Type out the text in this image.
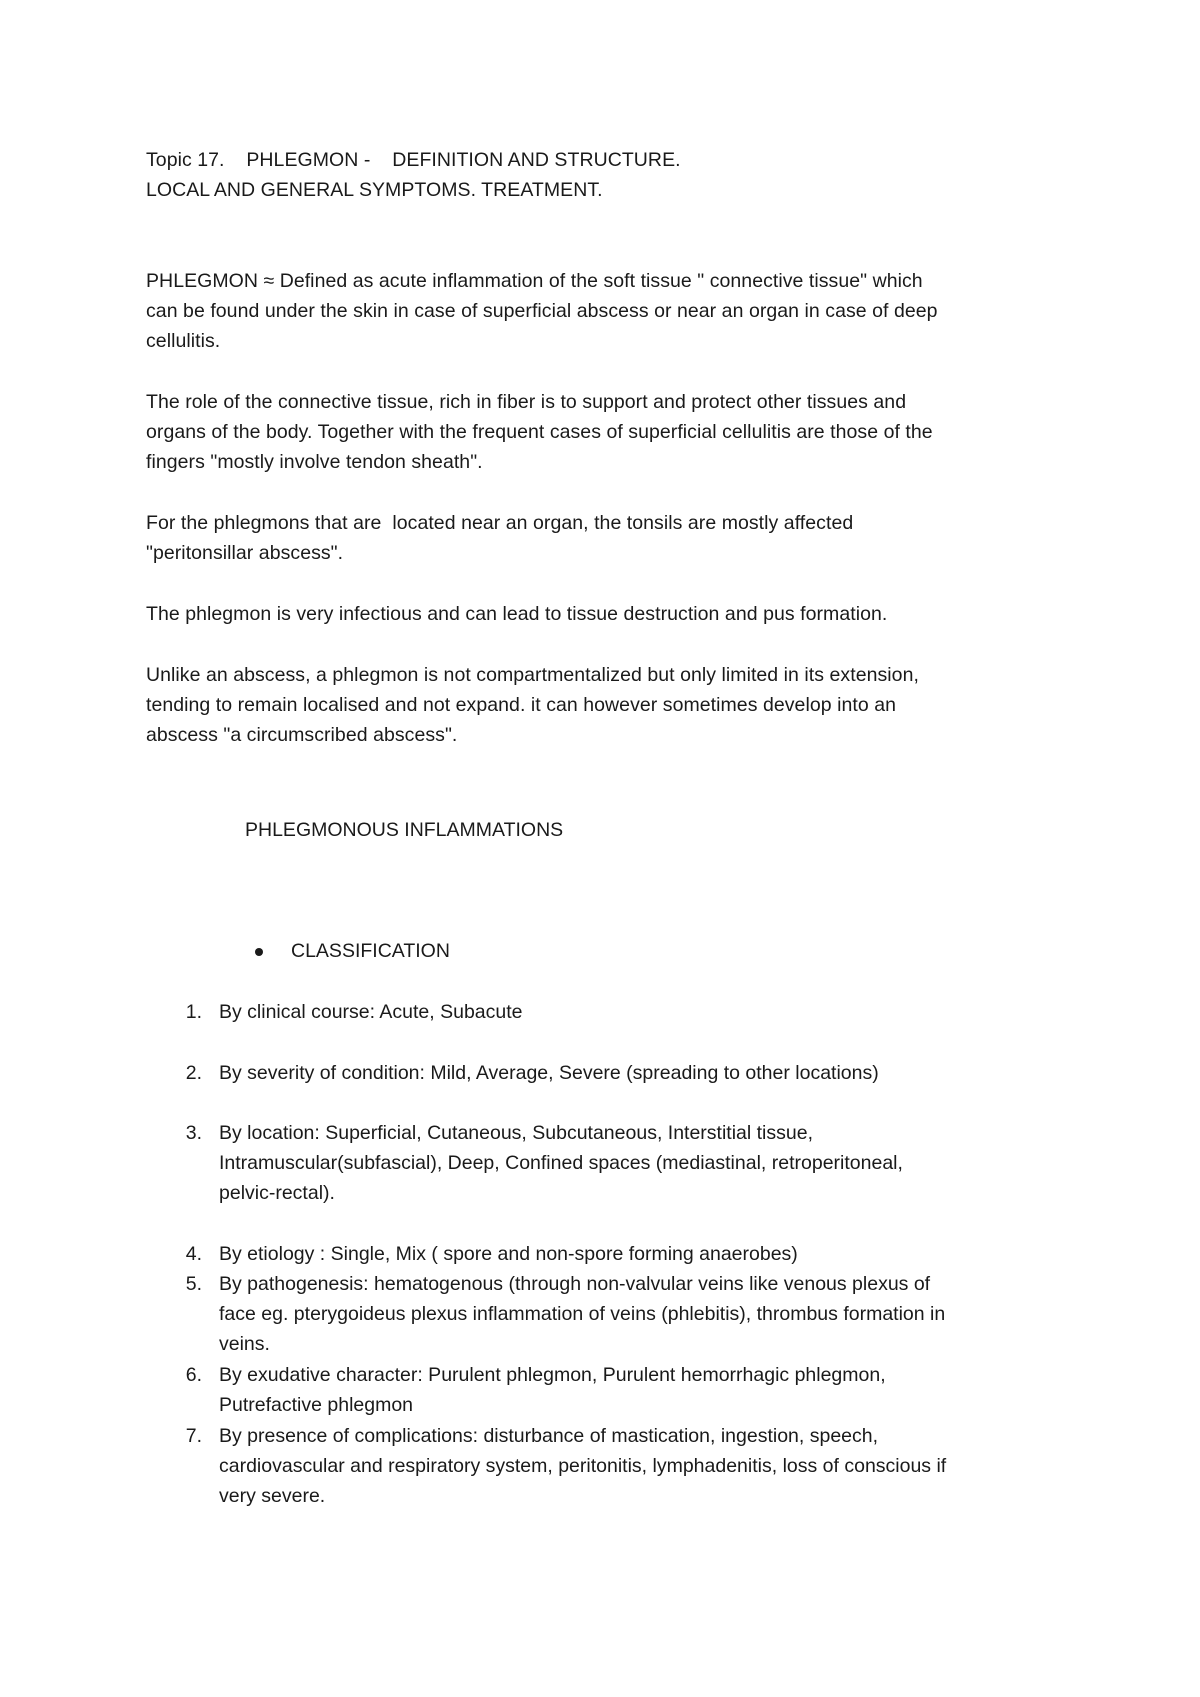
Topic 17.    PHLEGMON -    DEFINITION AND STRUCTURE.
LOCAL AND GENERAL SYMPTOMS. TREATMENT.
PHLEGMON ≈ Defined as acute inflammation of the soft tissue " connective tissue" which
can be found under the skin in case of superficial abscess or near an organ in case of deep
cellulitis.
The role of the connective tissue, rich in fiber is to support and protect other tissues and
organs of the body. Together with the frequent cases of superficial cellulitis are those of the
fingers "mostly involve tendon sheath".
For the phlegmons that are  located near an organ, the tonsils are mostly affected
"peritonsillar abscess".
The phlegmon is very infectious and can lead to tissue destruction and pus formation.
Unlike an abscess, a phlegmon is not compartmentalized but only limited in its extension,
tending to remain localised and not expand. it can however sometimes develop into an
abscess "a circumscribed abscess".
PHLEGMONOUS INFLAMMATIONS
CLASSIFICATION
1. By clinical course: Acute, Subacute
2. By severity of condition: Mild, Average, Severe (spreading to other locations)
3. By location: Superficial, Cutaneous, Subcutaneous, Interstitial tissue,
Intramuscular(subfascial), Deep, Confined spaces (mediastinal, retroperitoneal,
pelvic-rectal).
4. By etiology : Single, Mix ( spore and non-spore forming anaerobes)
5. By pathogenesis: hematogenous (through non-valvular veins like venous plexus of
face eg. pterygoideus plexus inflammation of veins (phlebitis), thrombus formation in
veins.
6. By exudative character: Purulent phlegmon, Purulent hemorrhagic phlegmon,
Putrefactive phlegmon
7. By presence of complications: disturbance of mastication, ingestion, speech,
cardiovascular and respiratory system, peritonitis, lymphadenitis, loss of conscious if
very severe.
